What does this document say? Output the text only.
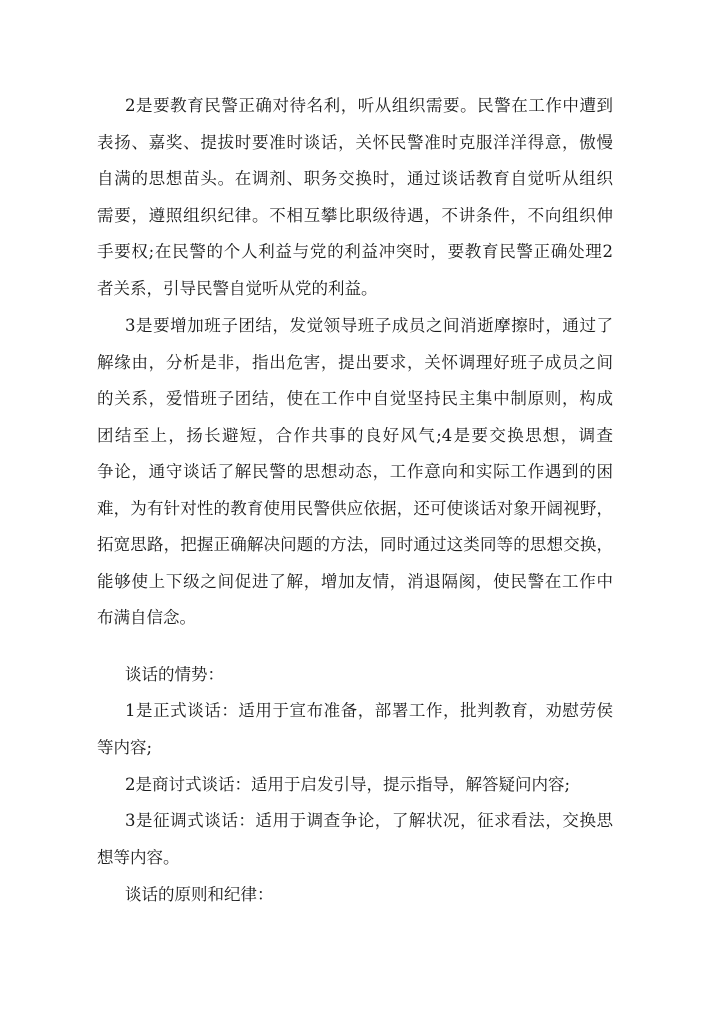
2是要教育民警正确对待名利，听从组织需要。民警在工作中遭到
表扬、嘉奖、提拔时要准时谈话，关怀民警准时克服洋洋得意，傲慢
自满的思想苗头。在调剂、职务交换时，通过谈话教育自觉听从组织
需要，遵照组织纪律。不相互攀比职级待遇，不讲条件，不向组织伸
手要权;在民警的个人利益与党的利益冲突时，要教育民警正确处理2
者关系，引导民警自觉听从党的利益。
3是要增加班子团结，发觉领导班子成员之间消逝摩擦时，通过了
解缘由，分析是非，指出危害，提出要求，关怀调理好班子成员之间
的关系，爱惜班子团结，使在工作中自觉坚持民主集中制原则，构成
团结至上，扬长避短，合作共事的良好风气;4是要交换思想，调查
争论，通守谈话了解民警的思想动态，工作意向和实际工作遇到的困
难，为有针对性的教育使用民警供应依据，还可使谈话对象开阔视野，
拓宽思路，把握正确解决问题的方法，同时通过这类同等的思想交换，
能够使上下级之间促进了解，增加友情，消退隔阂，使民警在工作中
布满自信念。
谈话的情势：
1是正式谈话：适用于宣布准备，部署工作，批判教育，劝慰劳侯
等内容;
2是商讨式谈话：适用于启发引导，提示指导，解答疑问内容;
3是征调式谈话：适用于调查争论，了解状况，征求看法，交换思
想等内容。
谈话的原则和纪律：
